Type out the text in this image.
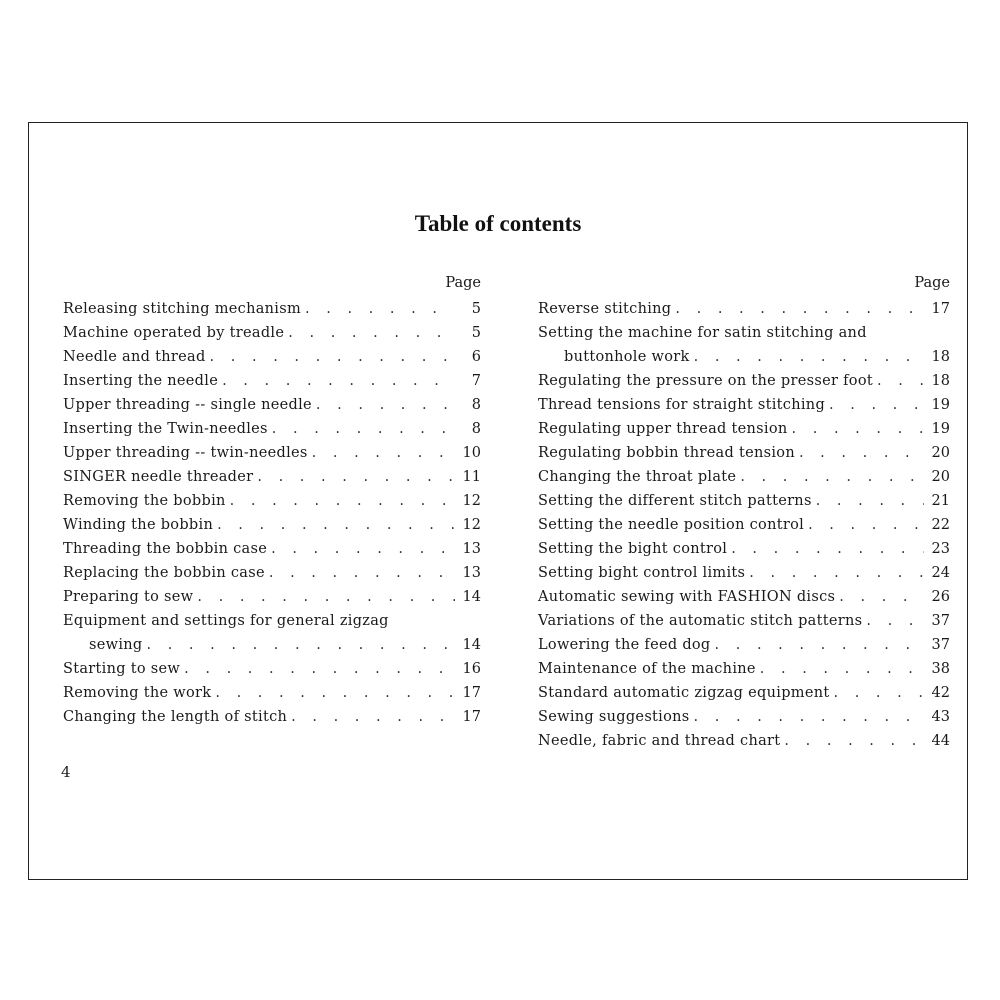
Table of contents
Page
Releasing stitching mechanism . . .	5
Machine operated by treadle . . .	5
Needle and thread . . .	6
Inserting the needle . . .	7
Upper threading -- single needle . . .	8
Inserting the Twin-needles . . .	8
Upper threading -- twin-needles . . .	10
SINGER needle threader . . .	11
Removing the bobbin . . .	12
Winding the bobbin . . .	12
Threading the bobbin case . . .	13
Replacing the bobbin case . . .	13
Preparing to sew . . .	14
Equipment and settings for general zigzag
sewing . . .	14
Starting to sew . . .	16
Removing the work . . .	17
Changing the length of stitch . . .	17
Page
Reverse stitching . . .	17
Setting the machine for satin stitching and
buttonhole work . . .	18
Regulating the pressure on the presser foot . . .	18
Thread tensions for straight stitching . . .	19
Regulating upper thread tension . . .	19
Regulating bobbin thread tension . . .	20
Changing the throat plate . . .	20
Setting the different stitch patterns . . .	21
Setting the needle position control . . .	22
Setting the bight control . . .	23
Setting bight control limits . . .	24
Automatic sewing with FASHION discs . . .	26
Variations of the automatic stitch patterns . . .	37
Lowering the feed dog . . .	37
Maintenance of the machine . . .	38
Standard automatic zigzag equipment . . .	42
Sewing suggestions . . .	43
Needle, fabric and thread chart . . .	44
4
